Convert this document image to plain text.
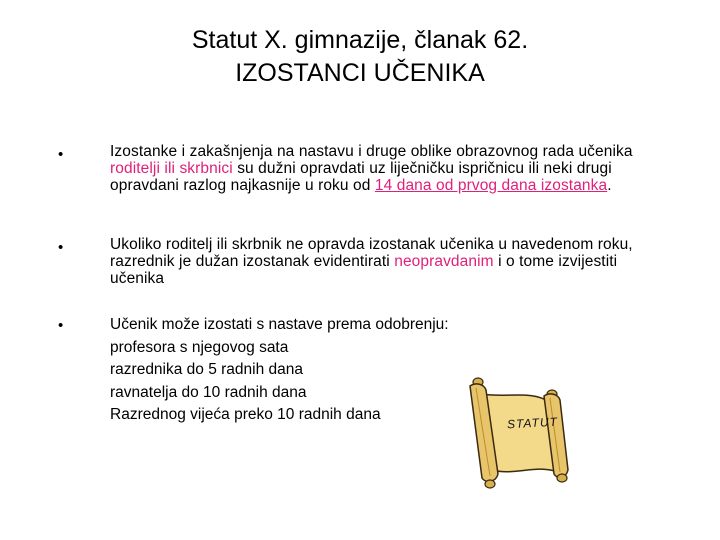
Statut X. gimnazije, članak 62.
IZOSTANCI UČENIKA
•	Izostanke i zakašnjenja na nastavu i druge oblike obrazovnog rada učenika roditelji ili skrbnici su dužni opravdati uz liječničku ispričnicu ili neki drugi opravdani razlog najkasnije u roku od 14 dana od prvog dana izostanka.
•	Ukoliko roditelj ili skrbnik ne opravda izostanak učenika u navedenom roku, razrednik je dužan izostanak evidentirati neopravdanim i o tome izvijestiti učenika
•	Učenik može izostati s nastave prema odobrenju:
profesora s njegovog sata
razrednika do 5 radnih dana
ravnatelja do 10 radnih dana
Razrednog vijeća preko 10 radnih dana	STATUT
